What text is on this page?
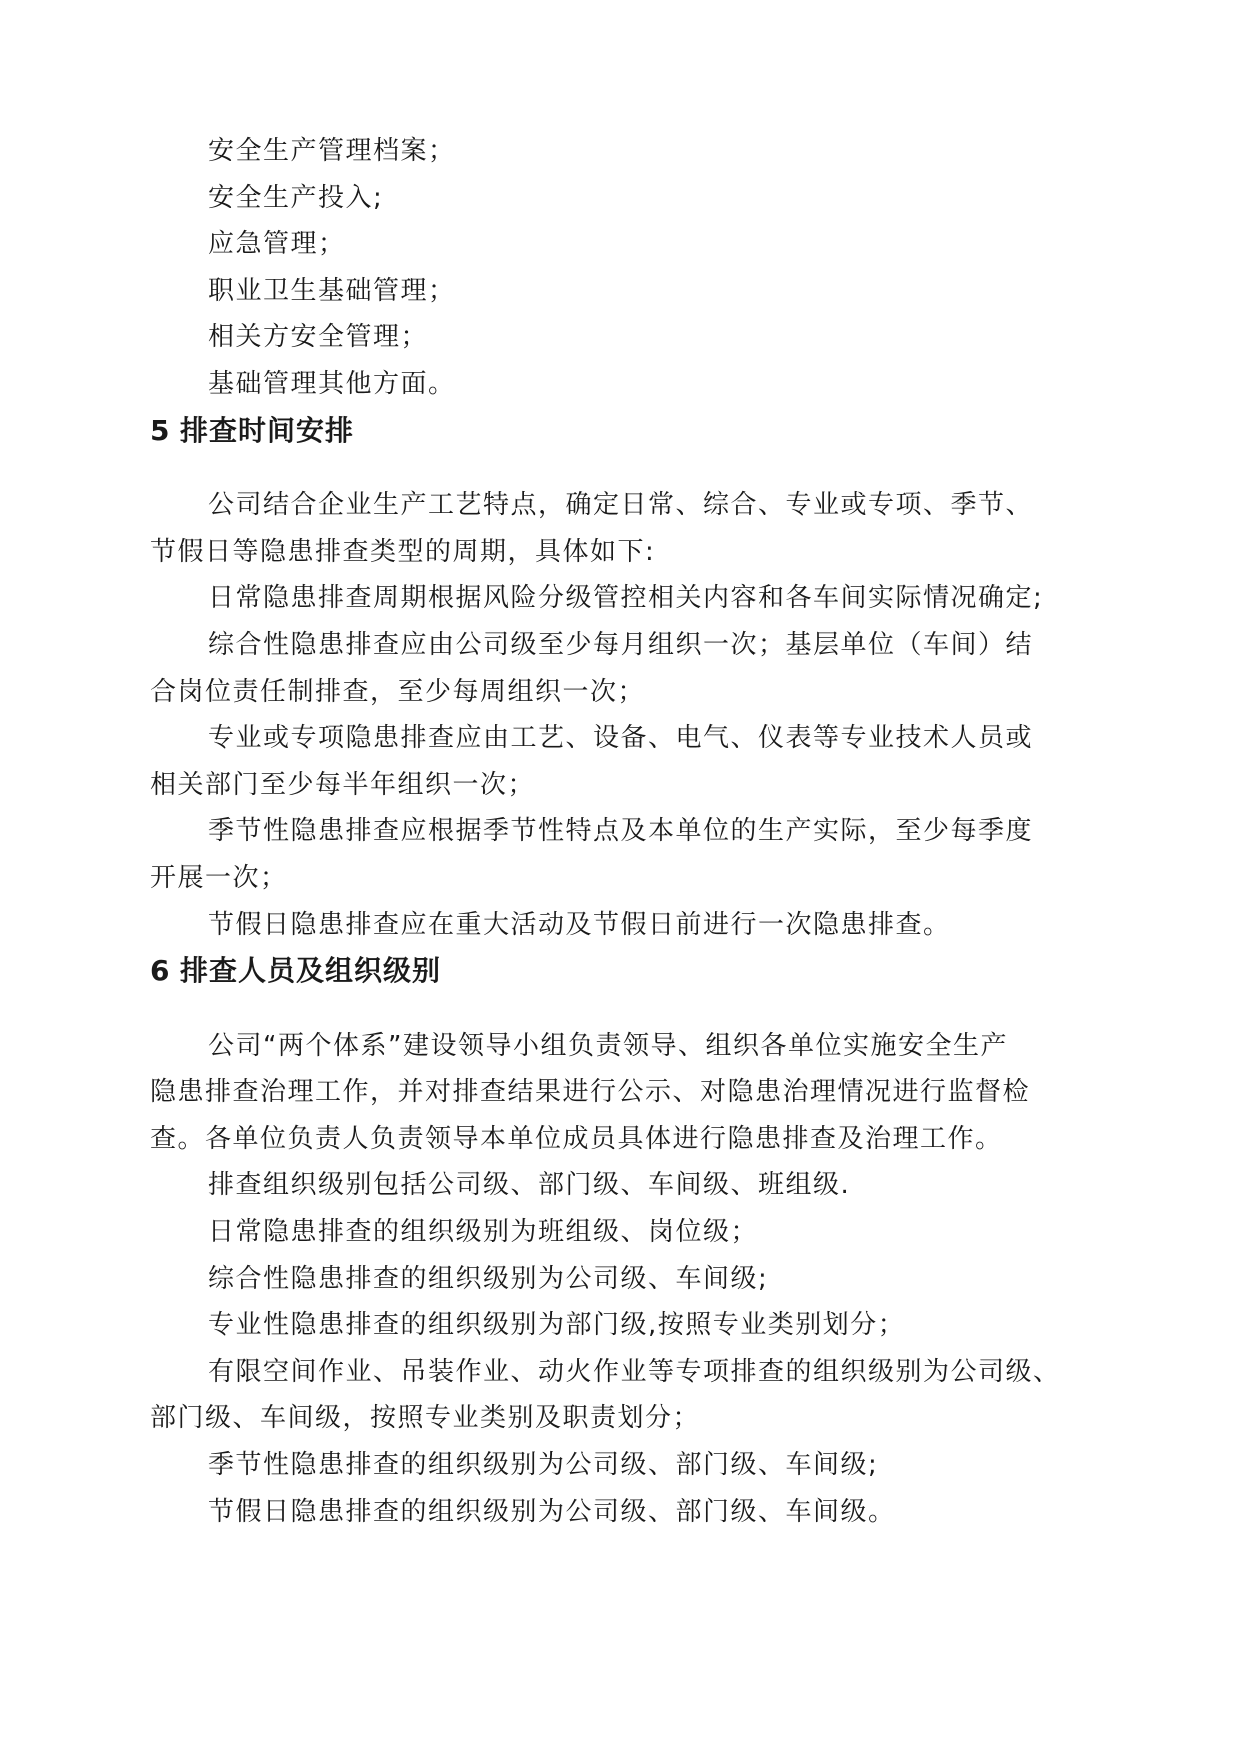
安全生产管理档案；
安全生产投入;
应急管理；
职业卫生基础管理；
相关方安全管理；
基础管理其他方面。
5 排查时间安排
公司结合企业生产工艺特点，确定日常、综合、专业或专项、季节、
节假日等隐患排查类型的周期，具体如下:
日常隐患排查周期根据风险分级管控相关内容和各车间实际情况确定;
综合性隐患排查应由公司级至少每月组织一次；基层单位（车间）结
合岗位责任制排查，至少每周组织一次；
专业或专项隐患排查应由工艺、设备、电气、仪表等专业技术人员或
相关部门至少每半年组织一次；
季节性隐患排查应根据季节性特点及本单位的生产实际，至少每季度
开展一次；
节假日隐患排查应在重大活动及节假日前进行一次隐患排查。
6 排查人员及组织级别
公司“两个体系”建设领导小组负责领导、组织各单位实施安全生产
隐患排查治理工作，并对排查结果进行公示、对隐患治理情况进行监督检
查。各单位负责人负责领导本单位成员具体进行隐患排查及治理工作。
排查组织级别包括公司级、部门级、车间级、班组级.
日常隐患排查的组织级别为班组级、岗位级；
综合性隐患排查的组织级别为公司级、车间级;
专业性隐患排查的组织级别为部门级,按照专业类别划分；
有限空间作业、吊装作业、动火作业等专项排查的组织级别为公司级、
部门级、车间级，按照专业类别及职责划分；
季节性隐患排查的组织级别为公司级、部门级、车间级;
节假日隐患排查的组织级别为公司级、部门级、车间级。
